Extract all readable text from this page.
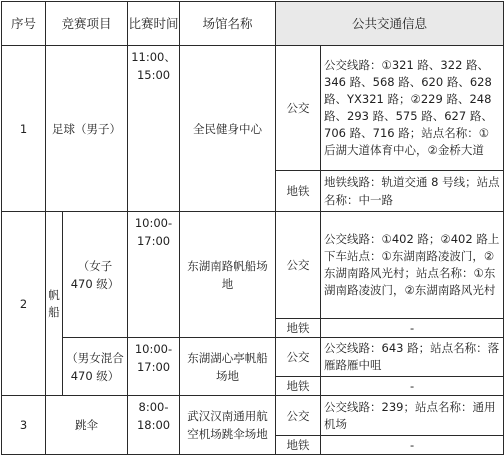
序号	竞赛项目		比赛时间	场馆名称	公共交通信息	
1	足球（男子）		11:00、15:00	全民健身中心	公交	公交线路：①321 路、322 路、346 路、568 路、620 路、628 路、YX321 路；②229 路、248 路、293 路、575 路、627 路、706 路、716 路；站点名称：①后湖大道体育中心，②金桥大道
					地铁	地铁线路：轨道交通 8 号线；站点名称：中一路
2	帆船	（女子 470 级）	10:00-17:00	东湖南路帆船场地	公交	公交线路：①402 路；②402 路上下车站点：①东湖南路凌波门，②东湖南路风光村；站点名称：①东湖南路凌波门，②东湖南路风光村
					地铁	-
		（男女混合 470 级）	10:00-17:00	东湖湖心亭帆船场地	公交	公交线路：643 路；站点名称：落雁路雁中咀
					地铁	-
3	跳伞		8:00-18:00	武汉汉南通用航空机场跳伞场地	公交	公交线路：239；站点名称：通用机场
					地铁	-
